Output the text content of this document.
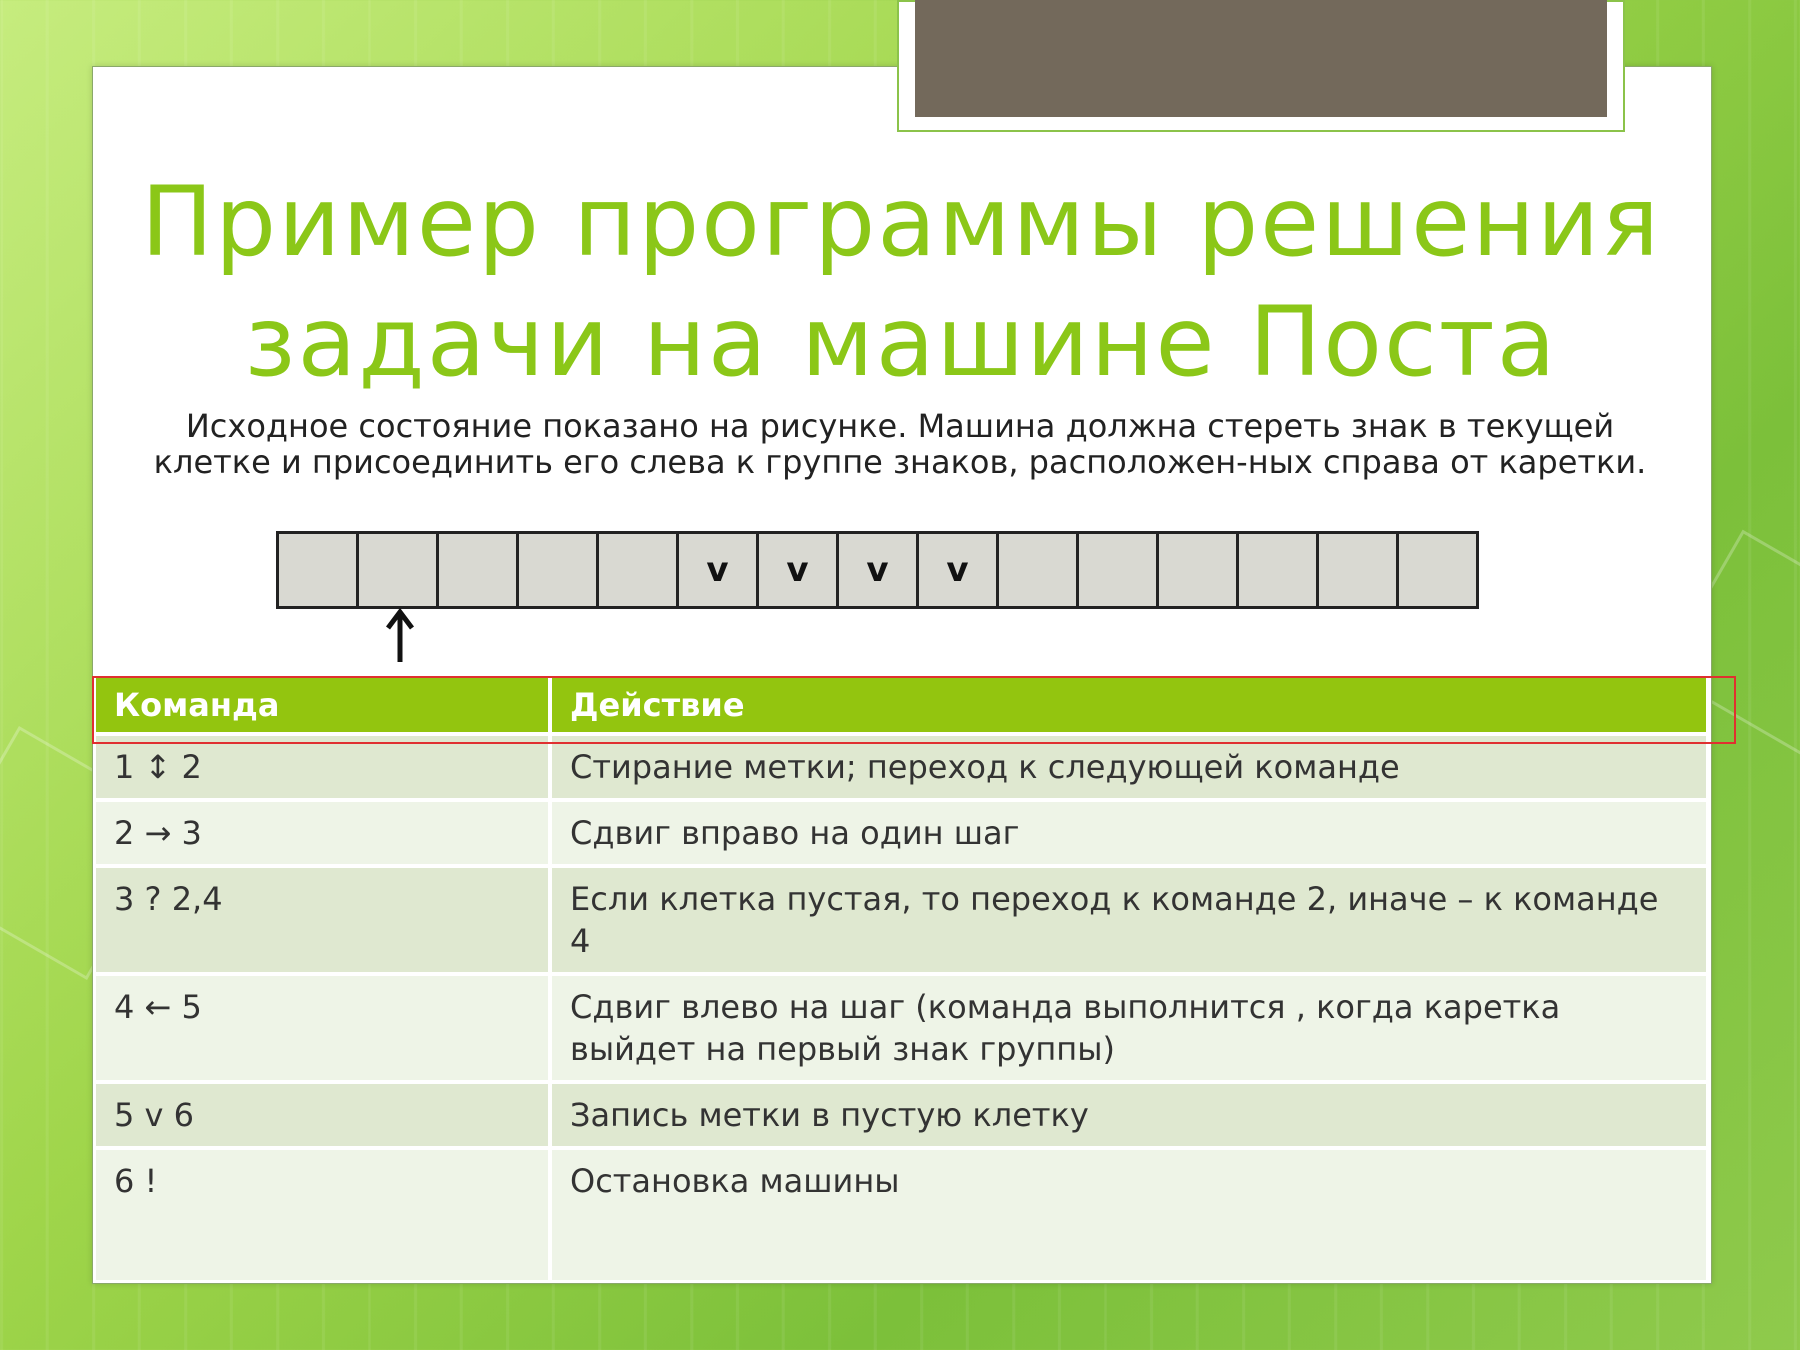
Пример программы решения
задачи на машине Поста
Исходное состояние показано на рисунке. Машина должна стереть знак в текущей клетке и присоединить его слева к группе знаков, расположен-ных справа от каретки.
v	v	v	v
Команда	Действие
1 ↕ 2	Стирание метки; переход к следующей команде
2 → 3	Сдвиг вправо на один шаг
3 ? 2,4	Если клетка пустая, то переход к команде 2, иначе – к команде 4
4 ← 5	Сдвиг влево на шаг (команда выполнится , когда каретка выйдет на первый знак группы)
5 v 6	Запись метки в пустую клетку
6 !	Остановка машины
